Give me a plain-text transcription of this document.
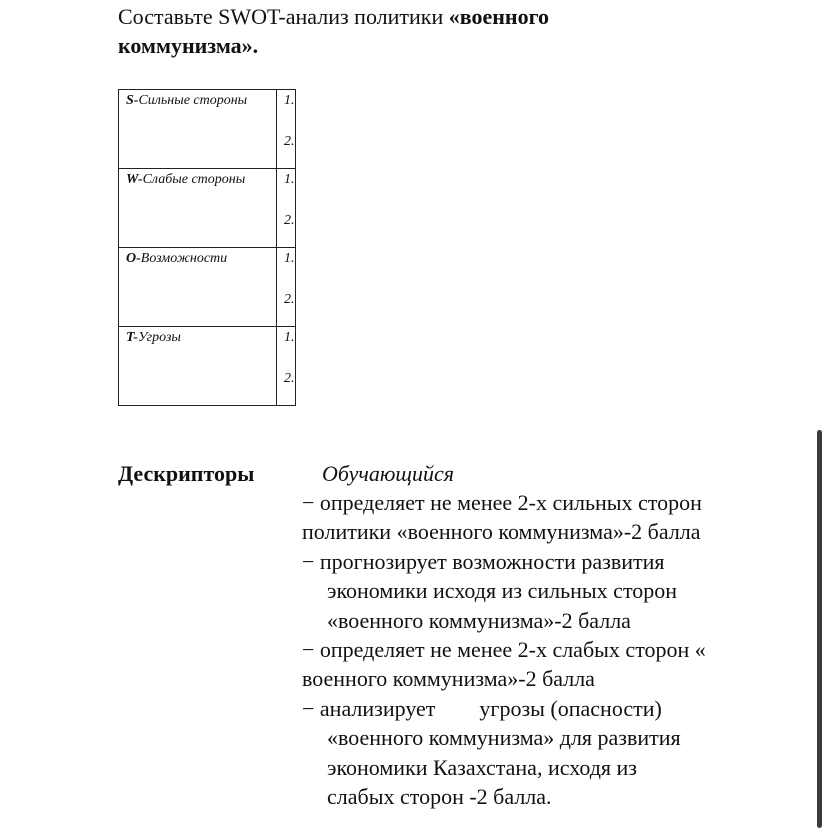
Составьте SWOT-анализ политики «военного коммунизма».
S-Сильные стороны	1.
2.

W-Слабые стороны	1.
2.

O-Возможности	1.
2.

T-Угрозы	1.
2.
Дескрипторы	Обучающийся
− определяет не менее 2-х сильных сторон
политики «военного коммунизма»-2 балла
− прогнозирует возможности развития
экономики исходя из сильных сторон
«военного коммунизма»-2 балла
− определяет не менее 2-х слабых сторон «
военного коммунизма»-2 балла
− анализирует        угрозы (опасности)
«военного коммунизма» для развития
экономики Казахстана, исходя из
слабых сторон -2 балла.
